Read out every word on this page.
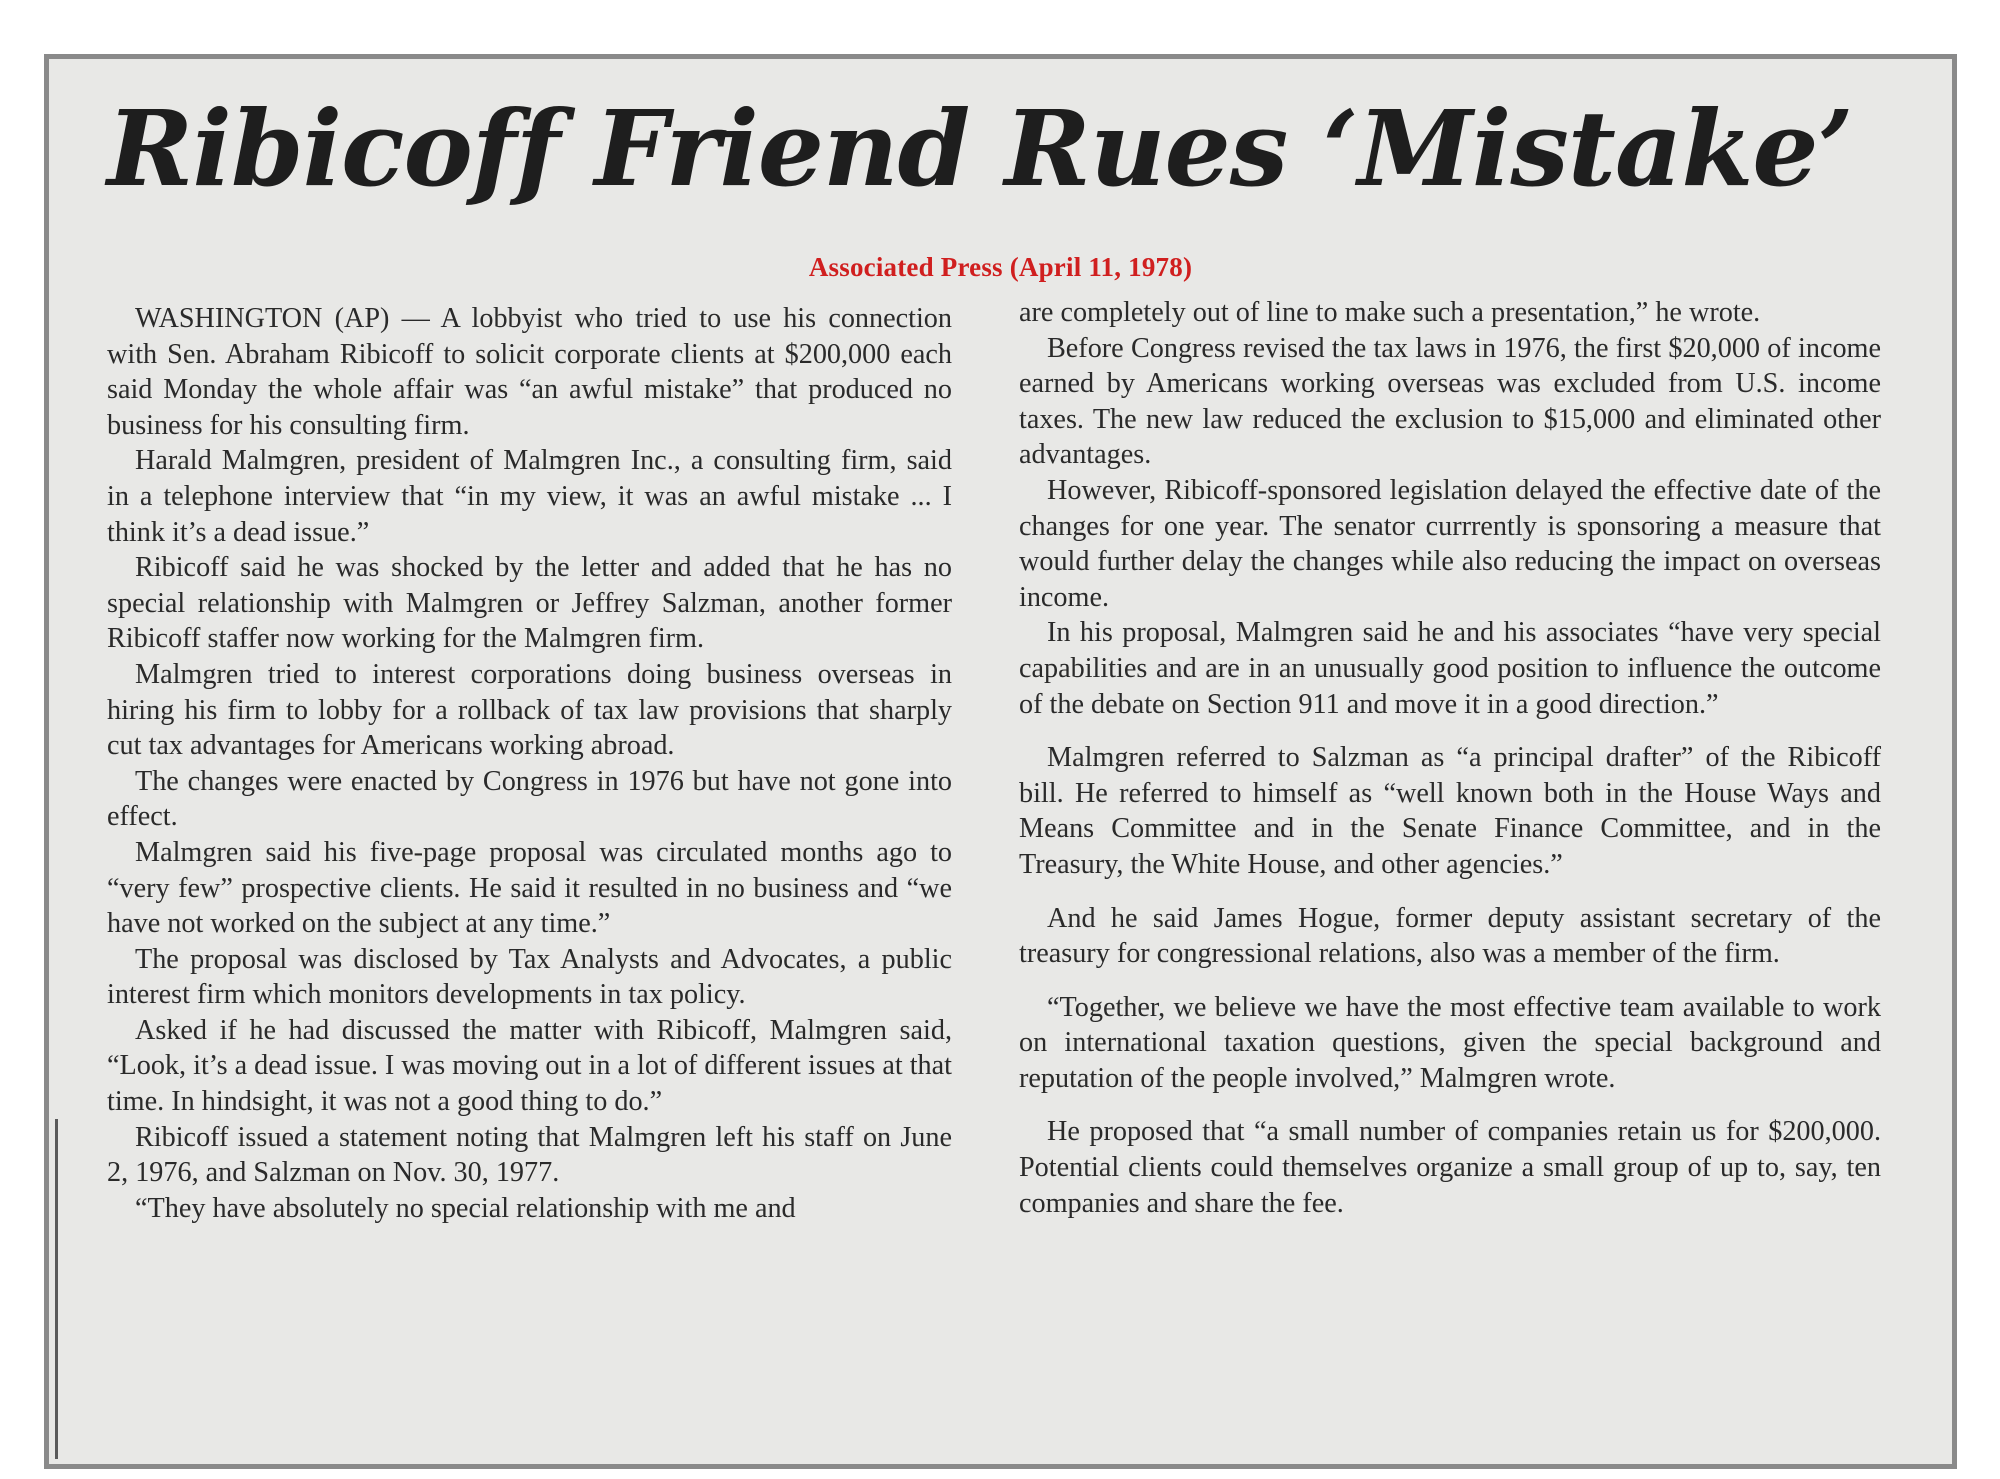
Ribicoff Friend Rues ‘Mistake’
Associated Press (April 11, 1978)

WASHINGTON (AP) — A lobbyist who tried to use his connection with Sen. Abraham Ribicoff to solicit corporate clients at $200,000 each said Monday the whole affair was “an awful mistake” that produced no business for his consulting firm.

Harald Malmgren, president of Malmgren Inc., a consulting firm, said in a telephone interview that “in my view, it was an awful mistake ... I think it’s a dead issue.”

Ribicoff said he was shocked by the letter and added that he has no special relationship with Malmgren or Jeffrey Salzman, another former Ribicoff staffer now working for the Malmgren firm.

Malmgren tried to interest corporations doing business overseas in hiring his firm to lobby for a rollback of tax law provisions that sharply cut tax advantages for Americans working abroad.

The changes were enacted by Congress in 1976 but have not gone into effect.

Malmgren said his five-page proposal was circulated months ago to “very few” prospective clients. He said it resulted in no business and “we have not worked on the subject at any time.”

The proposal was disclosed by Tax Analysts and Advocates, a public interest firm which monitors developments in tax policy.

Asked if he had discussed the matter with Ribicoff, Malmgren said, “Look, it’s a dead issue. I was moving out in a lot of different issues at that time. In hindsight, it was not a good thing to do.”

Ribicoff issued a statement noting that Malmgren left his staff on June 2, 1976, and Salzman on Nov. 30, 1977.

“They have absolutely no special relationship with me and

are completely out of line to make such a presentation,” he wrote.

Before Congress revised the tax laws in 1976, the first $20,000 of income earned by Americans working overseas was excluded from U.S. income taxes. The new law reduced the exclusion to $15,000 and eliminated other advantages.

However, Ribicoff-sponsored legislation delayed the effective date of the changes for one year. The senator currrently is sponsoring a measure that would further delay the changes while also reducing the impact on overseas income.

In his proposal, Malmgren said he and his associates “have very special capabilities and are in an unusually good position to influence the outcome of the debate on Section 911 and move it in a good direction.”

Malmgren referred to Salzman as “a principal drafter” of the Ribicoff bill. He referred to himself as “well known both in the House Ways and Means Committee and in the Senate Finance Committee, and in the Treasury, the White House, and other agencies.”

And he said James Hogue, former deputy assistant secretary of the treasury for congressional relations, also was a member of the firm.

“Together, we believe we have the most effective team available to work on international taxation questions, given the special background and reputation of the people involved,” Malmgren wrote.

He proposed that “a small number of companies retain us for $200,000. Potential clients could themselves organize a small group of up to, say, ten companies and share the fee.
